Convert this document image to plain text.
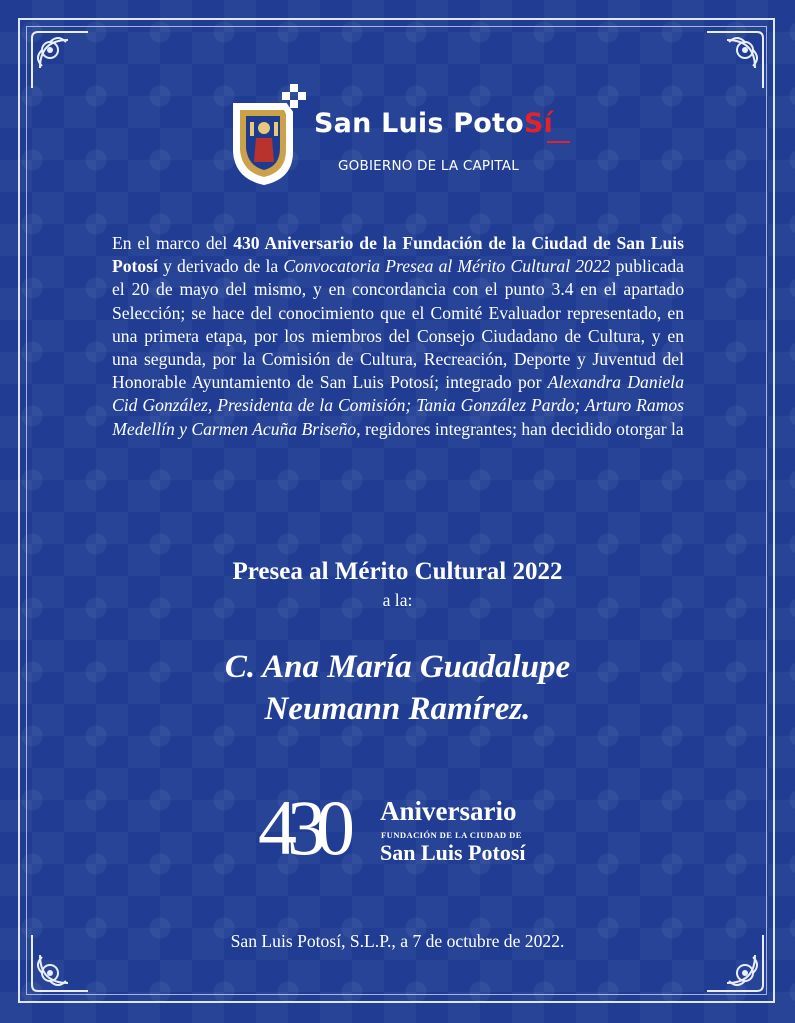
San Luis PotoSí
GOBIERNO DE LA CAPITAL
En el marco del 430 Aniversario de la Fundación de la Ciudad de San Luis Potosí y derivado de la Convocatoria Presea al Mérito Cultural 2022 publicada el 20 de mayo del mismo, y en concordancia con el punto 3.4 en el apartado Selección; se hace del conocimiento que el Comité Evaluador representado, en una primera etapa, por los miembros del Consejo Ciudadano de Cultura, y en una segunda, por la Comisión de Cultura, Recreación, Deporte y Juventud del Honorable Ayuntamiento de San Luis Potosí; integrado por Alexandra Daniela Cid González, Presidenta de la Comisión; Tania González Pardo; Arturo Ramos Medellín y Carmen Acuña Briseño, regidores integrantes; han decidido otorgar la
Presea al Mérito Cultural 2022
a la:
C. Ana María Guadalupe
Neumann Ramírez.
430 Aniversario
FUNDACIÓN DE LA CIUDAD DE
San Luis Potosí
San Luis Potosí, S.L.P., a 7 de octubre de 2022.
